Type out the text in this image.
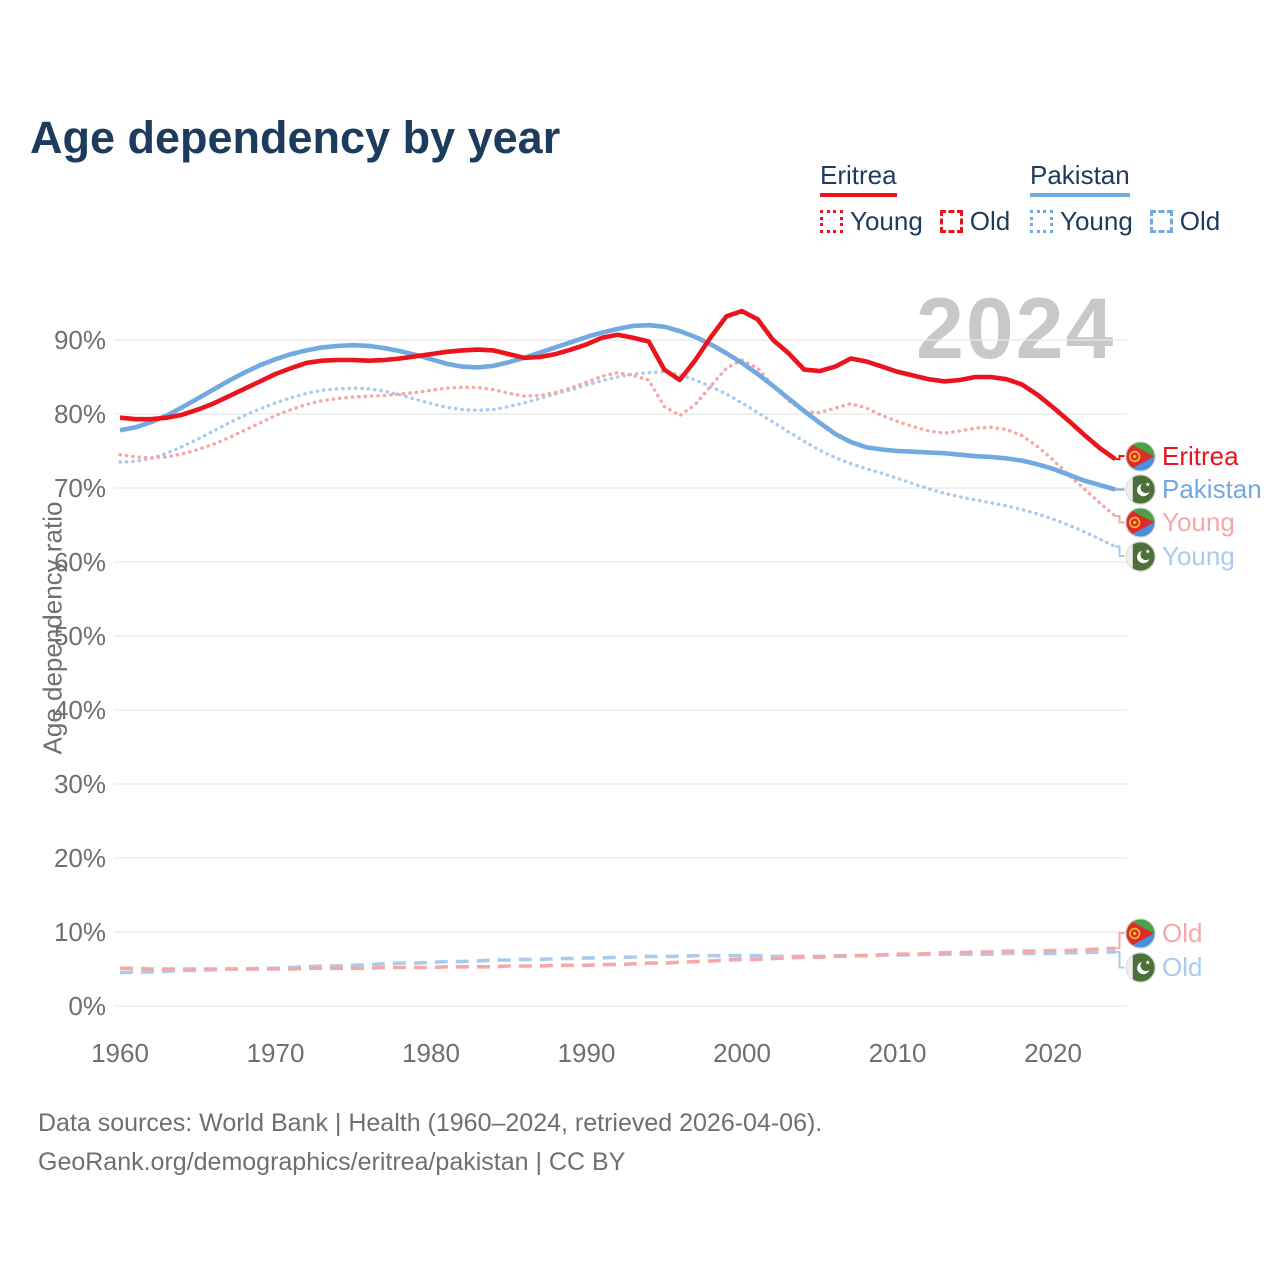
Age dependency by year
Eritrea
Young Old
Pakistan
Young Old
2024
0%
10%
20%
30%
40%
50%
60%
70%
80%
90%
1960	1970	1980	1990	2000	2010	2020
Age dependency ratio
Eritrea
Pakistan
Young
Young
Old
Old
Data sources: World Bank | Health (1960–2024, retrieved 2026-04-06).
GeoRank.org/demographics/eritrea/pakistan | CC BY
